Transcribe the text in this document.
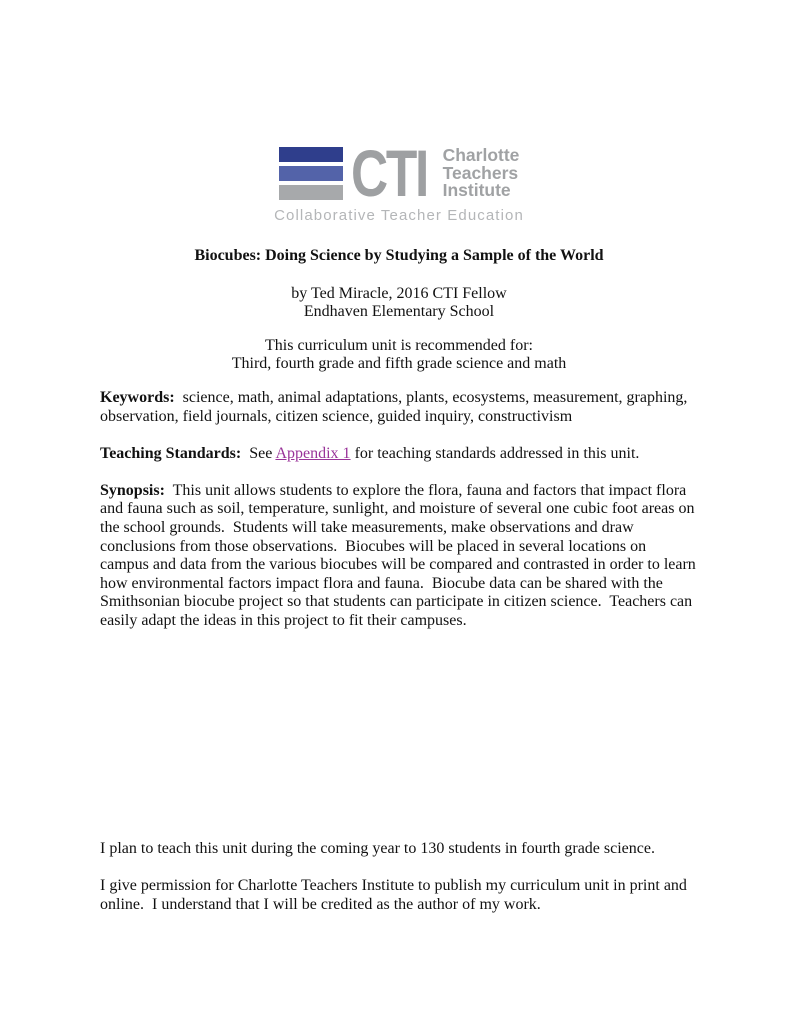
CTI Charlotte
Teachers
Institute
Collaborative Teacher Education
Biocubes: Doing Science by Studying a Sample of the World
by Ted Miracle, 2016 CTI Fellow
Endhaven Elementary School
This curriculum unit is recommended for:
Third, fourth grade and fifth grade science and math
Keywords:  science, math, animal adaptations, plants, ecosystems, measurement, graphing, observation, field journals, citizen science, guided inquiry, constructivism
Teaching Standards:  See Appendix 1 for teaching standards addressed in this unit.
Synopsis:  This unit allows students to explore the flora, fauna and factors that impact flora and fauna such as soil, temperature, sunlight, and moisture of several one cubic foot areas on the school grounds.  Students will take measurements, make observations and draw conclusions from those observations.  Biocubes will be placed in several locations on campus and data from the various biocubes will be compared and contrasted in order to learn how environmental factors impact flora and fauna.  Biocube data can be shared with the Smithsonian biocube project so that students can participate in citizen science.  Teachers can easily adapt the ideas in this project to fit their campuses.
I plan to teach this unit during the coming year to 130 students in fourth grade science.
I give permission for Charlotte Teachers Institute to publish my curriculum unit in print and online.  I understand that I will be credited as the author of my work.
